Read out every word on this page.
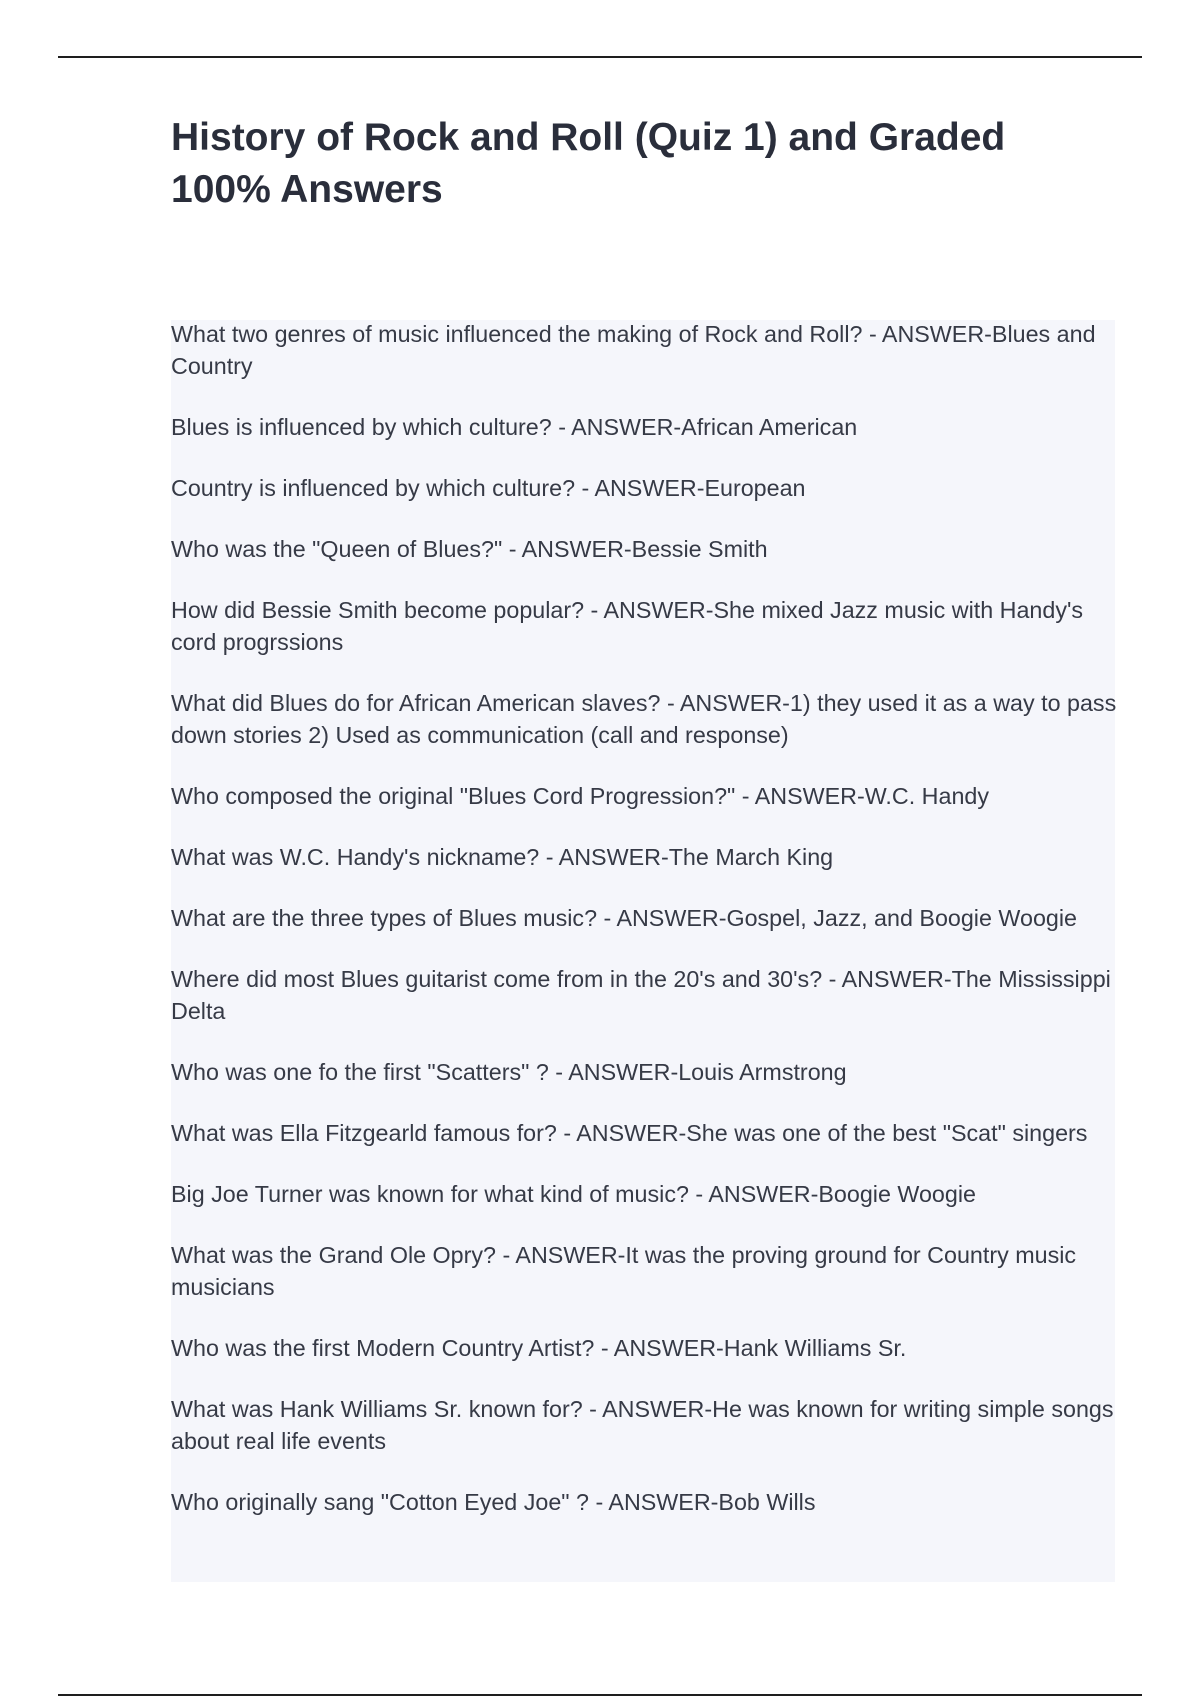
History of Rock and Roll (Quiz 1) and Graded 100% Answers
What two genres of music influenced the making of Rock and Roll? - ANSWER-Blues and Country
Blues is influenced by which culture? - ANSWER-African American
Country is influenced by which culture? - ANSWER-European
Who was the "Queen of Blues?" - ANSWER-Bessie Smith
How did Bessie Smith become popular? - ANSWER-She mixed Jazz music with Handy's cord progrssions
What did Blues do for African American slaves? - ANSWER-1) they used it as a way to pass down stories 2) Used as communication (call and response)
Who composed the original "Blues Cord Progression?" - ANSWER-W.C. Handy
What was W.C. Handy's nickname? - ANSWER-The March King
What are the three types of Blues music? - ANSWER-Gospel, Jazz, and Boogie Woogie
Where did most Blues guitarist come from in the 20's and 30's? - ANSWER-The Mississippi Delta
Who was one fo the first "Scatters" ? - ANSWER-Louis Armstrong
What was Ella Fitzgearld famous for? - ANSWER-She was one of the best "Scat" singers
Big Joe Turner was known for what kind of music? - ANSWER-Boogie Woogie
What was the Grand Ole Opry? - ANSWER-It was the proving ground for Country music musicians
Who was the first Modern Country Artist? - ANSWER-Hank Williams Sr.
What was Hank Williams Sr. known for? - ANSWER-He was known for writing simple songs about real life events
Who originally sang "Cotton Eyed Joe" ? - ANSWER-Bob Wills
